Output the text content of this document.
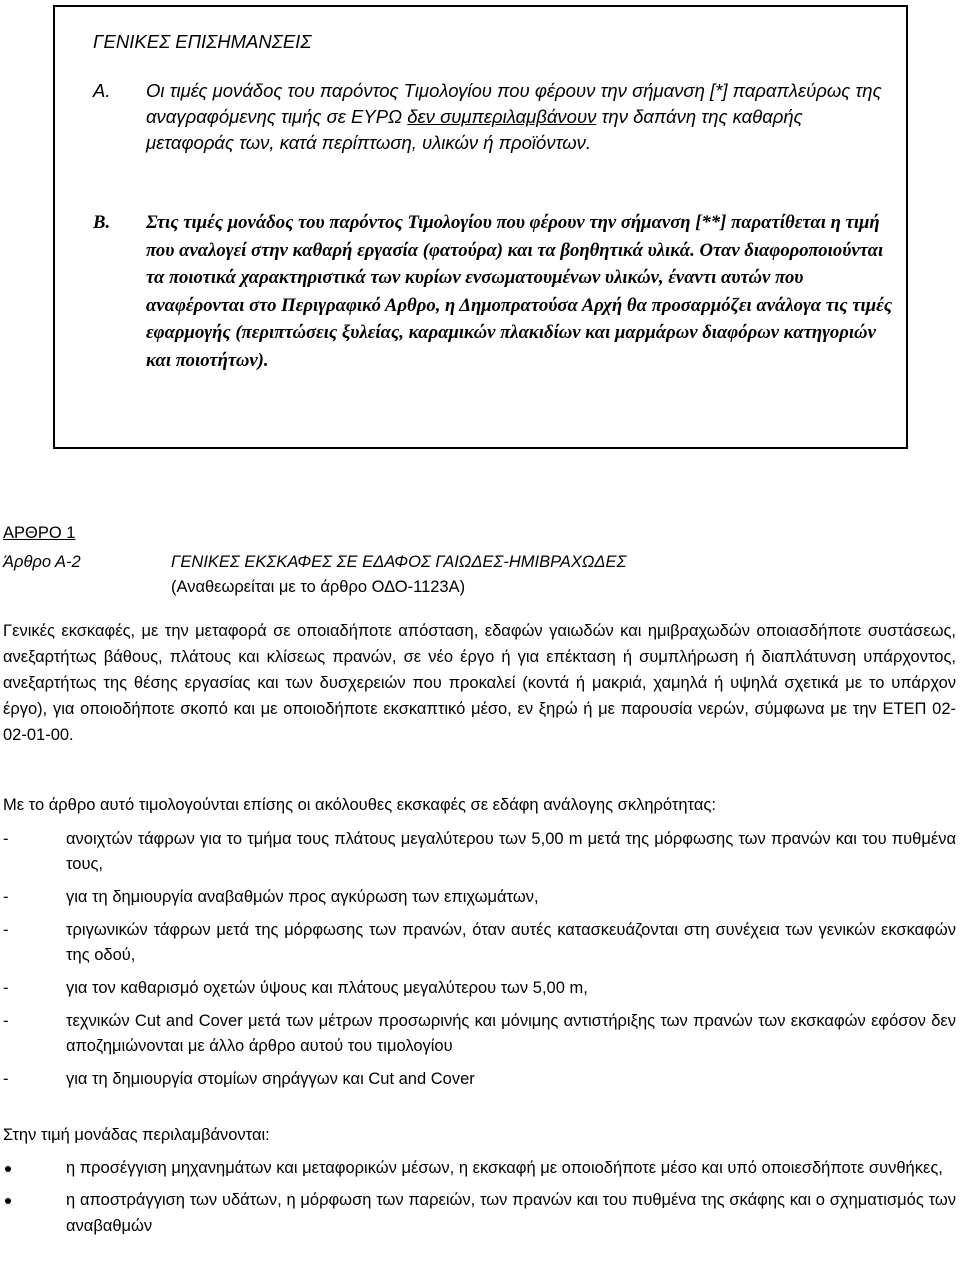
ΓΕΝΙΚΕΣ ΕΠΙΣΗΜΑΝΣΕΙΣ
A. Οι τιμές μονάδος του παρόντος Τιμολογίου που φέρουν την σήμανση [*] παραπλεύρως της αναγραφόμενης τιμής σε ΕΥΡΩ δεν συμπεριλαμβάνουν την δαπάνη της καθαρής μεταφοράς των, κατά περίπτωση, υλικών ή προϊόντων.
B. Στις τιμές μονάδος του παρόντος Τιμολογίου που φέρουν την σήμανση [**] παρατίθεται η τιμή που αναλογεί στην καθαρή εργασία (φατούρα) και τα βοηθητικά υλικά. Οταν διαφοροποιούνται τα ποιοτικά χαρακτηριστικά των κυρίων ενσωματουμένων υλικών, έναντι αυτών που αναφέρονται στο Περιγραφικό Αρθρο, η Δημοπρατούσα Αρχή θα προσαρμόζει ανάλογα τις τιμές εφαρμογής (περιπτώσεις ξυλείας, καραμικών πλακιδίων και μαρμάρων διαφόρων κατηγοριών και ποιοτήτων).
ΑΡΘΡΟ 1
Άρθρο Α-2	ΓΕΝΙΚΕΣ ΕΚΣΚΑΦΕΣ ΣΕ ΕΔΑΦΟΣ ΓΑΙΩΔΕΣ-ΗΜΙΒΡΑΧΩΔΕΣ
(Αναθεωρείται με το άρθρο ΟΔΟ-1123Α)
Γενικές εκσκαφές, με την μεταφορά σε οποιαδήποτε απόσταση, εδαφών γαιωδών και ημιβραχωδών οποιασδήποτε συστάσεως, ανεξαρτήτως βάθους, πλάτους και κλίσεως πρανών, σε νέο έργο ή για επέκταση ή συμπλήρωση ή διαπλάτυνση υπάρχοντος, ανεξαρτήτως της θέσης εργασίας και των δυσχερειών που προκαλεί (κοντά ή μακριά, χαμηλά ή υψηλά σχετικά με το υπάρχον έργο), για οποιοδήποτε σκοπό και με οποιοδήποτε εκσκαπτικό μέσο, εν ξηρώ ή με παρουσία νερών, σύμφωνα με την ΕΤΕΠ 02-02-01-00.
Με το άρθρο αυτό τιμολογούνται επίσης οι ακόλουθες εκσκαφές σε εδάφη ανάλογης σκληρότητας:
-	ανοιχτών τάφρων για το τμήμα τους πλάτους μεγαλύτερου των 5,00 m μετά της μόρφωσης των πρανών και του πυθμένα τους,
-	για τη δημιουργία αναβαθμών προς αγκύρωση των επιχωμάτων,
-	τριγωνικών τάφρων μετά της μόρφωσης των πρανών, όταν αυτές κατασκευάζονται στη συνέχεια των γενικών εκσκαφών της οδού,
-	για τον καθαρισμό οχετών ύψους και πλάτους μεγαλύτερου των 5,00 m,
-	τεχνικών Cut and Cover μετά των μέτρων προσωρινής και μόνιμης αντιστήριξης των πρανών των εκσκαφών εφόσον δεν αποζημιώνονται με άλλο άρθρο αυτού του τιμολογίου
-	για τη δημιουργία στομίων σηράγγων και Cut and Cover
Στην τιμή μονάδας περιλαμβάνονται:
η προσέγγιση μηχανημάτων και μεταφορικών μέσων, η εκσκαφή με οποιοδήποτε μέσο και υπό οποιεσδήποτε συνθήκες,
η αποστράγγιση των υδάτων, η μόρφωση των παρειών, των πρανών και του πυθμένα της σκάφης και ο σχηματισμός των αναβαθμών
